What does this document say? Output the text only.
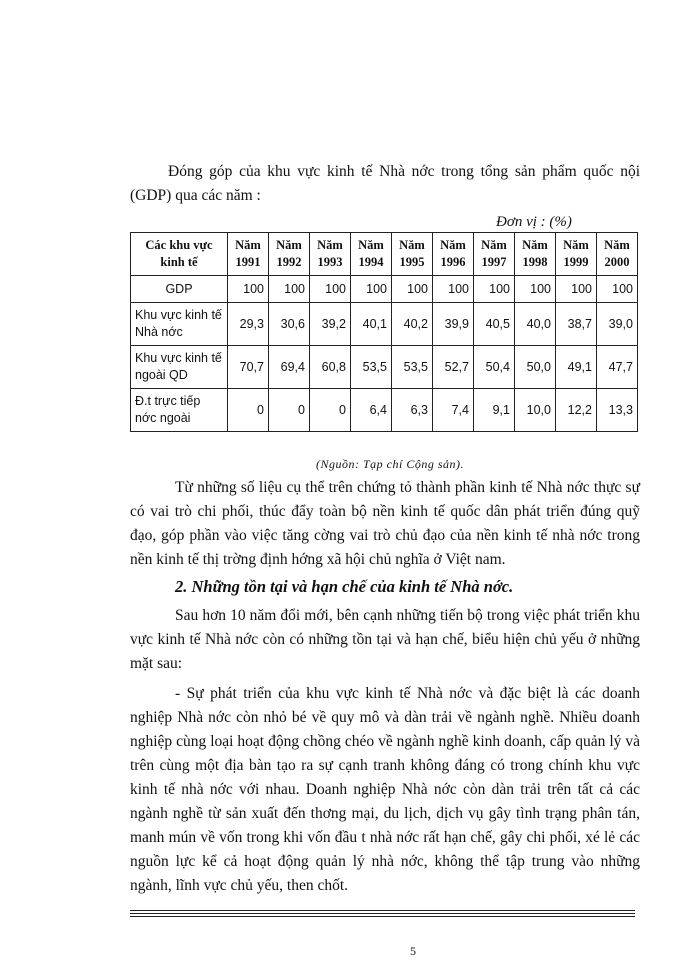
Đóng góp của khu vực kinh tế Nhà nớc trong tổng sản phẩm quốc nội (GDP) qua các năm :

Đơn vị : (%)
Các khu vực kinh tế	Năm 1991	Năm 1992	Năm 1993	Năm 1994	Năm 1995	Năm 1996	Năm 1997	Năm 1998	Năm 1999	Năm 2000
GDP	100	100	100	100	100	100	100	100	100	100
Khu vực kinh tế Nhà nớc	29,3	30,6	39,2	40,1	40,2	39,9	40,5	40,0	38,7	39,0
Khu vực kinh tế ngoài QD	70,7	69,4	60,8	53,5	53,5	52,7	50,4	50,0	49,1	47,7
Đ.t trực tiếp nớc ngoài	0	0	0	6,4	6,3	7,4	9,1	10,0	12,2	13,3
(Nguồn: Tạp chí Cộng sản).

Từ những số liệu cụ thể trên chứng tỏ thành phần kinh tế Nhà nớc thực sự có vai trò chi phối, thúc đẩy toàn bộ nền kinh tế quốc dân phát triển đúng quỹ đạo, góp phần vào việc tăng cờng vai trò chủ đạo của nền kinh tế nhà nớc trong nền kinh tế thị trờng định hớng xã hội chủ nghĩa ở Việt nam.

2. Những tồn tại và hạn chế của kinh tế Nhà nớc.

Sau hơn 10 năm đổi mới, bên cạnh những tiến bộ trong việc phát triển khu vực kinh tế Nhà nớc còn có những tồn tại và hạn chế, biểu hiện chủ yếu ở những mặt sau:

- Sự phát triển của khu vực kinh tế Nhà nớc và đặc biệt là các doanh nghiệp Nhà nớc còn nhỏ bé về quy mô và dàn trải về ngành nghề. Nhiều doanh nghiệp cùng loại hoạt động chồng chéo về ngành nghề kinh doanh, cấp quản lý và trên cùng một địa bàn tạo ra sự cạnh tranh không đáng có trong chính khu vực kinh tế nhà nớc với nhau. Doanh nghiệp Nhà nớc còn dàn trải trên tất cả các ngành nghề từ sản xuất đến thơng mại, du lịch, dịch vụ gây tình trạng phân tán, manh mún về vốn trong khi vốn đầu t nhà nớc rất hạn chế, gây chi phối, xé lẻ các nguồn lực kể cả hoạt động quản lý nhà nớc, không thể tập trung vào những ngành, lĩnh vực chủ yếu, then chốt.

5
